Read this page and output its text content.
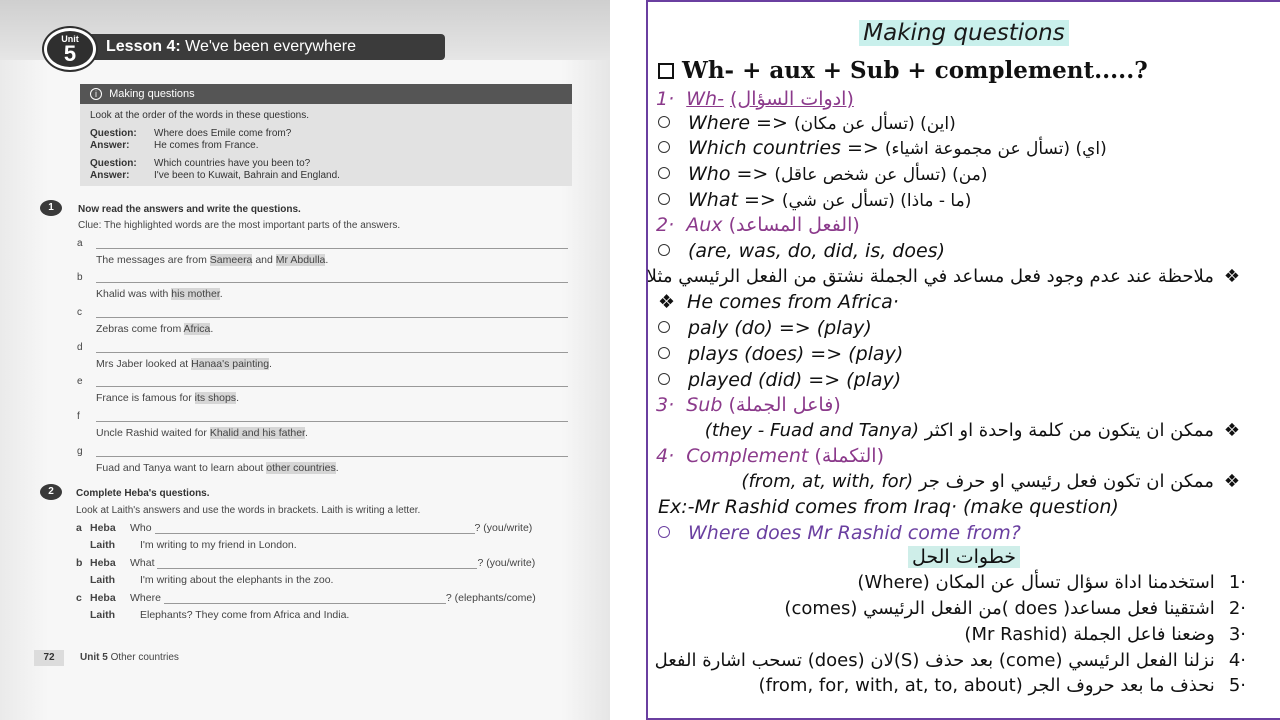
Unit
5	Lesson 4: We've been everywhere
i Making questions
Look at the order of the words in these questions.
Question:	Where does Emile come from?
Answer:	He comes from France.
Question:	Which countries have you been to?
Answer:	I've been to Kuwait, Bahrain and England.
1	Now read the answers and write the questions.
Clue: The highlighted words are the most important parts of the answers.
a
The messages are from Sameera and Mr Abdulla.
b
Khalid was with his mother.
c
Zebras come from Africa.
d
Mrs Jaber looked at Hanaa's painting.
e
France is famous for its shops.
f
Uncle Rashid waited for Khalid and his father.
g
Fuad and Tanya want to learn about other countries.
2	Complete Heba's questions.
Look at Laith's answers and use the words in brackets. Laith is writing a letter.
a Heba Who	? (you/write)
Laith I'm writing to my friend in London.
b Heba What	? (you/write)
Laith I'm writing about the elephants in the zoo.
c Heba Where	? (elephants/come)
Laith Elephants? They come from Africa and India.
72	Unit 5 Other countries
Making questions
Wh- + aux + Sub + complement.....?
1· Wh- (ادوات السؤال)
Where => (اين) (تسأل عن مكان)
Which countries => (اي) (تسأل عن مجموعة اشياء)
Who => (من) (تسأل عن شخص عاقل)
What => (ما - ماذا) (تسأل عن شي)
2· Aux (الفعل المساعد)
(are, was, do, did, is, does)
❖ملاحظة عند عدم وجود فعل مساعد في الجملة نشتق من الفعل الرئيسي مثلا
❖ He comes from Africa·
paly (do) => (play)
plays (does) => (play)
played (did) => (play)
3· Sub (فاعل الجملة)
❖ممكن ان يتكون من كلمة واحدة او اكثر (they - Fuad and Tanya)
4· Complement (التكملة)
❖ممكن ان تكون فعل رئيسي او حرف جر (from, at, with, for)
Ex:-Mr Rashid comes from Iraq· (make question)
Where does Mr Rashid come from?
خطوات الحل
·1استخدمنا اداة سؤال تسأل عن المكان (Where)
·2اشتقينا فعل مساعد( does )من الفعل الرئيسي (comes)
·3وضعنا فاعل الجملة (Mr Rashid)
·4نزلنا الفعل الرئيسي (come) بعد حذف (S)لان (does) تسحب اشارة الفعل
·5نحذف ما بعد حروف الجر (from, for, with, at, to, about)
